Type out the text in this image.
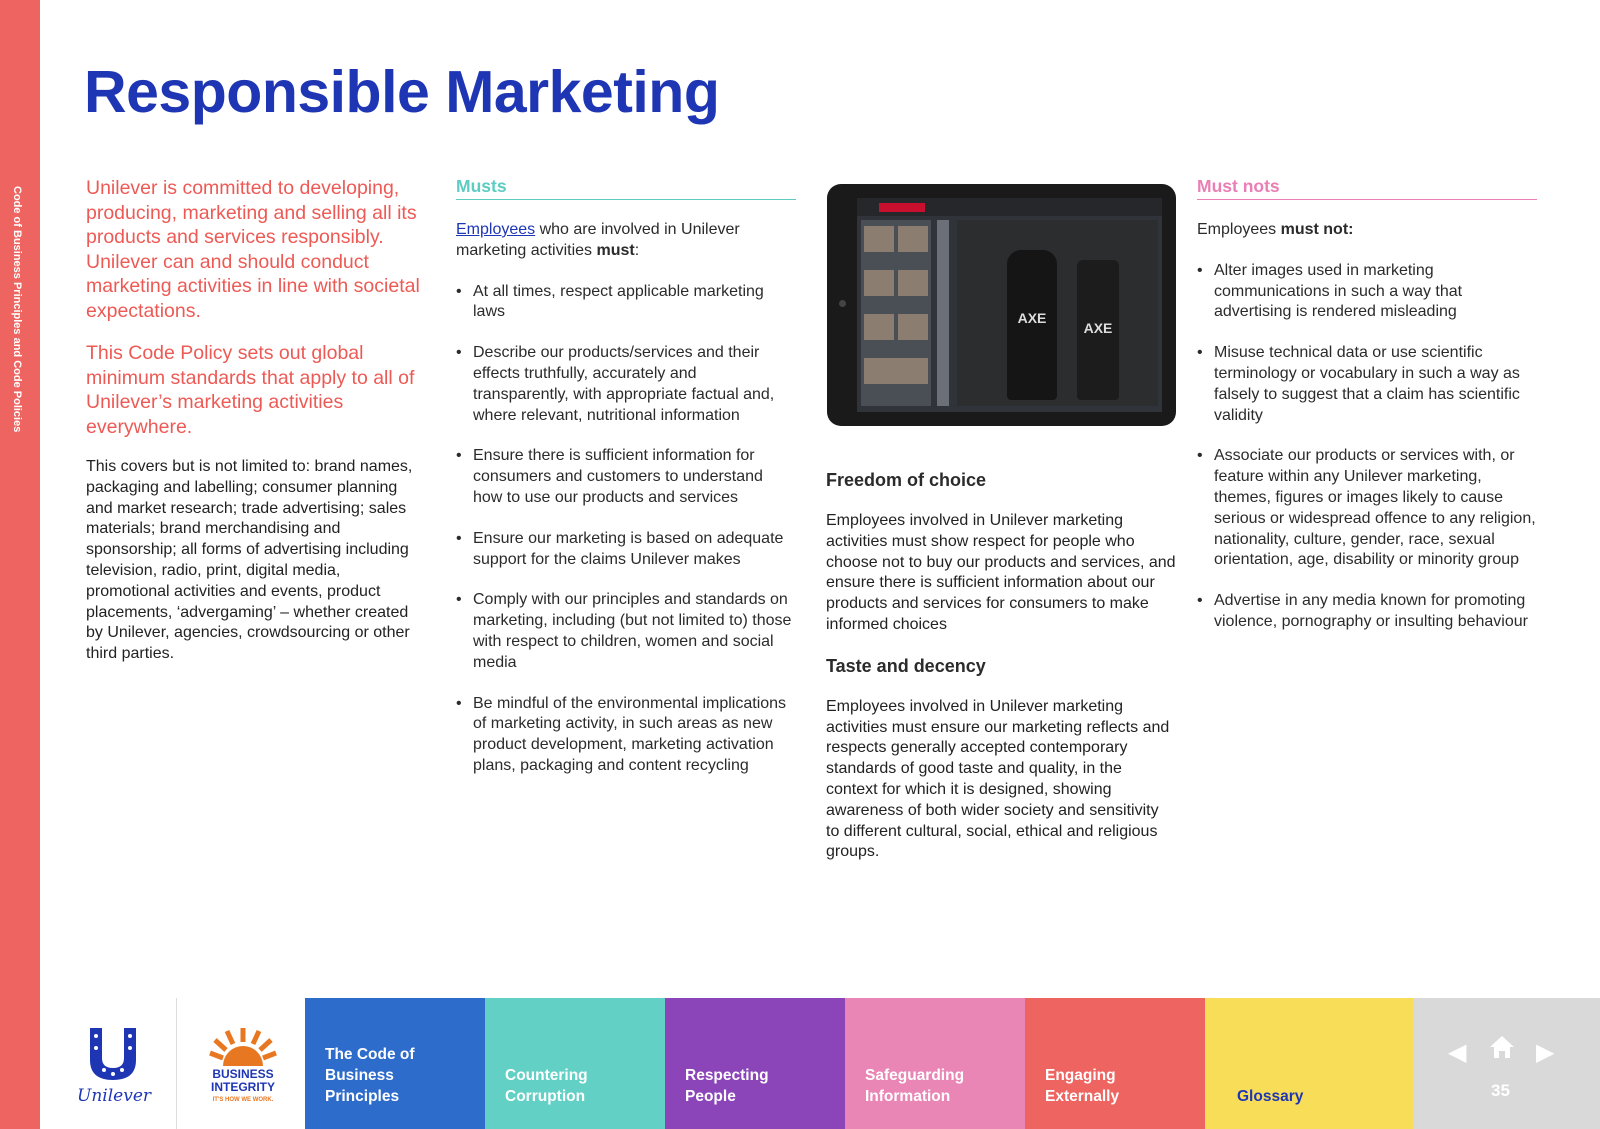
Code of Business Principles and Code Policies
Responsible Marketing

Unilever is committed to developing, producing, marketing and selling all its products and services responsibly. Unilever can and should conduct marketing activities in line with societal expectations.

This Code Policy sets out global minimum standards that apply to all of Unilever’s marketing activities everywhere.

This covers but is not limited to: brand names, packaging and labelling; consumer planning and market research; trade advertising; sales materials; brand merchandising and sponsorship; all forms of advertising including television, radio, print, digital media, promotional activities and events, product placements, ‘advergaming’ – whether created by Unilever, agencies, crowdsourcing or other third parties.

Musts

Employees who are involved in Unilever marketing activities must:

• At all times, respect applicable marketing laws
• Describe our products/services and their effects truthfully, accurately and transparently, with appropriate factual and, where relevant, nutritional information
• Ensure there is sufficient information for consumers and customers to understand how to use our products and services
• Ensure our marketing is based on adequate support for the claims Unilever makes
• Comply with our principles and standards on marketing, including (but not limited to) those with respect to children, women and social media
• Be mindful of the environmental implications of marketing activity, in such areas as new product development, marketing activation plans, packaging and content recycling
AXE
AXE
Freedom of choice

Employees involved in Unilever marketing activities must show respect for people who choose not to buy our products and services, and ensure there is sufficient information about our products and services for consumers to make informed choices

Taste and decency

Employees involved in Unilever marketing activities must ensure our marketing reflects and respects generally accepted contemporary standards of good taste and quality, in the context for which it is designed, showing awareness of both wider society and sensitivity to different cultural, social, ethical and religious groups.

Must nots

Employees must not:

• Alter images used in marketing communications in such a way that advertising is rendered misleading
• Misuse technical data or use scientific terminology or vocabulary in such a way as falsely to suggest that a claim has scientific validity
• Associate our products or services with, or feature within any Unilever marketing, themes, figures or images likely to cause serious or widespread offence to any religion, nationality, culture, gender, race, sexual orientation, age, disability or minority group
• Advertise in any media known for promoting violence, pornography or insulting behaviour
Unilever
BUSINESS
INTEGRITY
IT'S HOW WE WORK.
The Code of Business Principles
Countering Corruption
Respecting People
Safeguarding Information
Engaging Externally	Glossary
◀	▶
35
